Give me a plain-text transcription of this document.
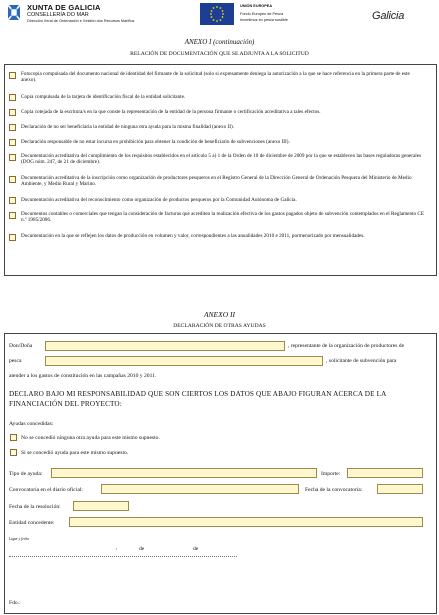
XUNTA DE GALICIA
CONSELLERÍA DO MAR
Dirección Xeral de Ordenación e Xestión dos Recursos Mariños
UNIÓN EUROPEA
Fondo Europeo de Pesca
Invertimos en pesca sostible	Galicia
ANEXO I (continuación)
RELACIÓN DE DOCUMENTACIÓN QUE SE ADJUNTA A LA SOLICITUD
Fotocopia compulsada del documento nacional de identidad del firmante de la solicitud (solo si expresamente deniega la autorización a la que se hace referencia en la primera parte de este anexo).
Copia compulsada de la tarjeta de identificación fiscal de la entidad solicitante.
Copia cotejada de la escritura/s en la que conste la representación de la entidad de la persona firmante o certificación acreditativa a tales efectos.
Declaración de no ser beneficiaria la entidad de ninguna otra ayuda para la misma finalidad (anexo II).
Declaración responsable de no estar incursa en prohibición para obtener la condición de beneficiario de subvenciones (anexo III).
Documentación acreditativa del cumplimiento de los requisitos establecidos en el artículo 5 a) 1 de la Orden de 10 de diciembre de 2009 por la que se establecen las bases reguladoras generales (DOG núm. 247, de 21 de diciembre).
Documentación acreditativa de la inscripción como organización de productores pesqueros en el Registro General de la Dirección General de Ordenación Pesquera del Ministerio de Medio Ambiente, y Medio Rural y Marino.
Documentación acreditativa del reconocimiento como organización de productos pesqueros por la Comunidad Autónoma de Galicia.
Documentos contables o comerciales que tengan la consideración de facturas que acrediten la realización efectiva de los gastos pagados objeto de subvención contemplados en el Reglamento CE n.º 1985/2006.
Documentación en la que se reflejen los datos de producción en volumen y valor, correspondientes a las anualidades 2010 e 2011, pormenorizado por mensualidades.
ANEXO II
DECLARACIÓN DE OTRAS AYUDAS
Don/Doña	, representante de la organización de productores de
pesca	, solicitante de subvención para
atender a los gastos de constitución en las campañas 2010 y 2011.
DECLARO BAJO MI RESPONSABILIDAD QUE SON CIERTOS LOS DATOS QUE ABAJO FIGURAN ACERCA DE LA FINANCIACIÓN DEL PROYECTO:
Ayudas concedidas:
No se concedió ninguna otra ayuda para este mismo supuesto.
Si se concedió ayuda para este mismo supuesto.
Tipo de ayuda:	Importe:
Convocatoria en el diario oficial:	Fecha de la convocatoria:
Fecha de la resolución:
Entidad concedente:
Lugar y fecha
,	de	de
Fdo.:
